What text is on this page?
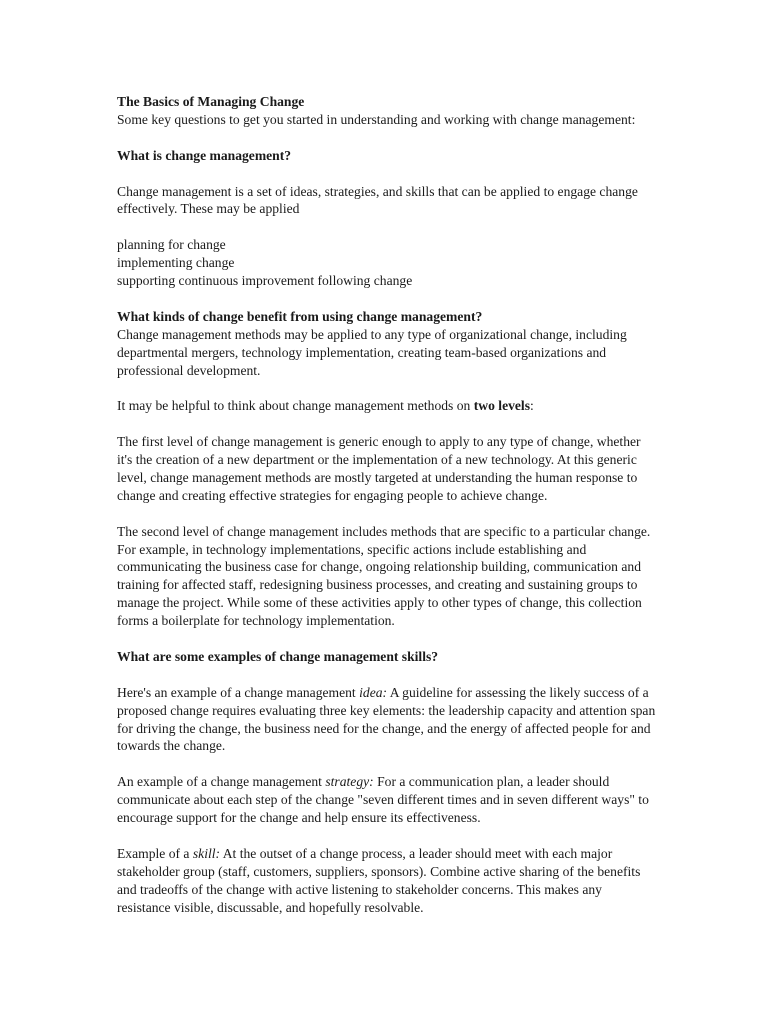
The Basics of Managing Change

Some key questions to get you started in understanding and working with change management:

What is change management?

Change management is a set of ideas, strategies, and skills that can be applied to engage change effectively. These may be applied

planning for change

implementing change

supporting continuous improvement following change

What kinds of change benefit from using change management?

Change management methods may be applied to any type of organizational change, including departmental mergers, technology implementation, creating team-based organizations and professional development.

It may be helpful to think about change management methods on two levels:

The first level of change management is generic enough to apply to any type of change, whether it's the creation of a new department or the implementation of a new technology. At this generic level, change management methods are mostly targeted at understanding the human response to change and creating effective strategies for engaging people to achieve change.

The second level of change management includes methods that are specific to a particular change. For example, in technology implementations, specific actions include establishing and communicating the business case for change, ongoing relationship building, communication and training for affected staff, redesigning business processes, and creating and sustaining groups to manage the project. While some of these activities apply to other types of change, this collection forms a boilerplate for technology implementation.

What are some examples of change management skills?

Here's an example of a change management idea: A guideline for assessing the likely success of a proposed change requires evaluating three key elements: the leadership capacity and attention span for driving the change, the business need for the change, and the energy of affected people for and towards the change.

An example of a change management strategy: For a communication plan, a leader should communicate about each step of the change "seven different times and in seven different ways" to encourage support for the change and help ensure its effectiveness.

Example of a skill: At the outset of a change process, a leader should meet with each major stakeholder group (staff, customers, suppliers, sponsors). Combine active sharing of the benefits and tradeoffs of the change with active listening to stakeholder concerns. This makes any resistance visible, discussable, and hopefully resolvable.
